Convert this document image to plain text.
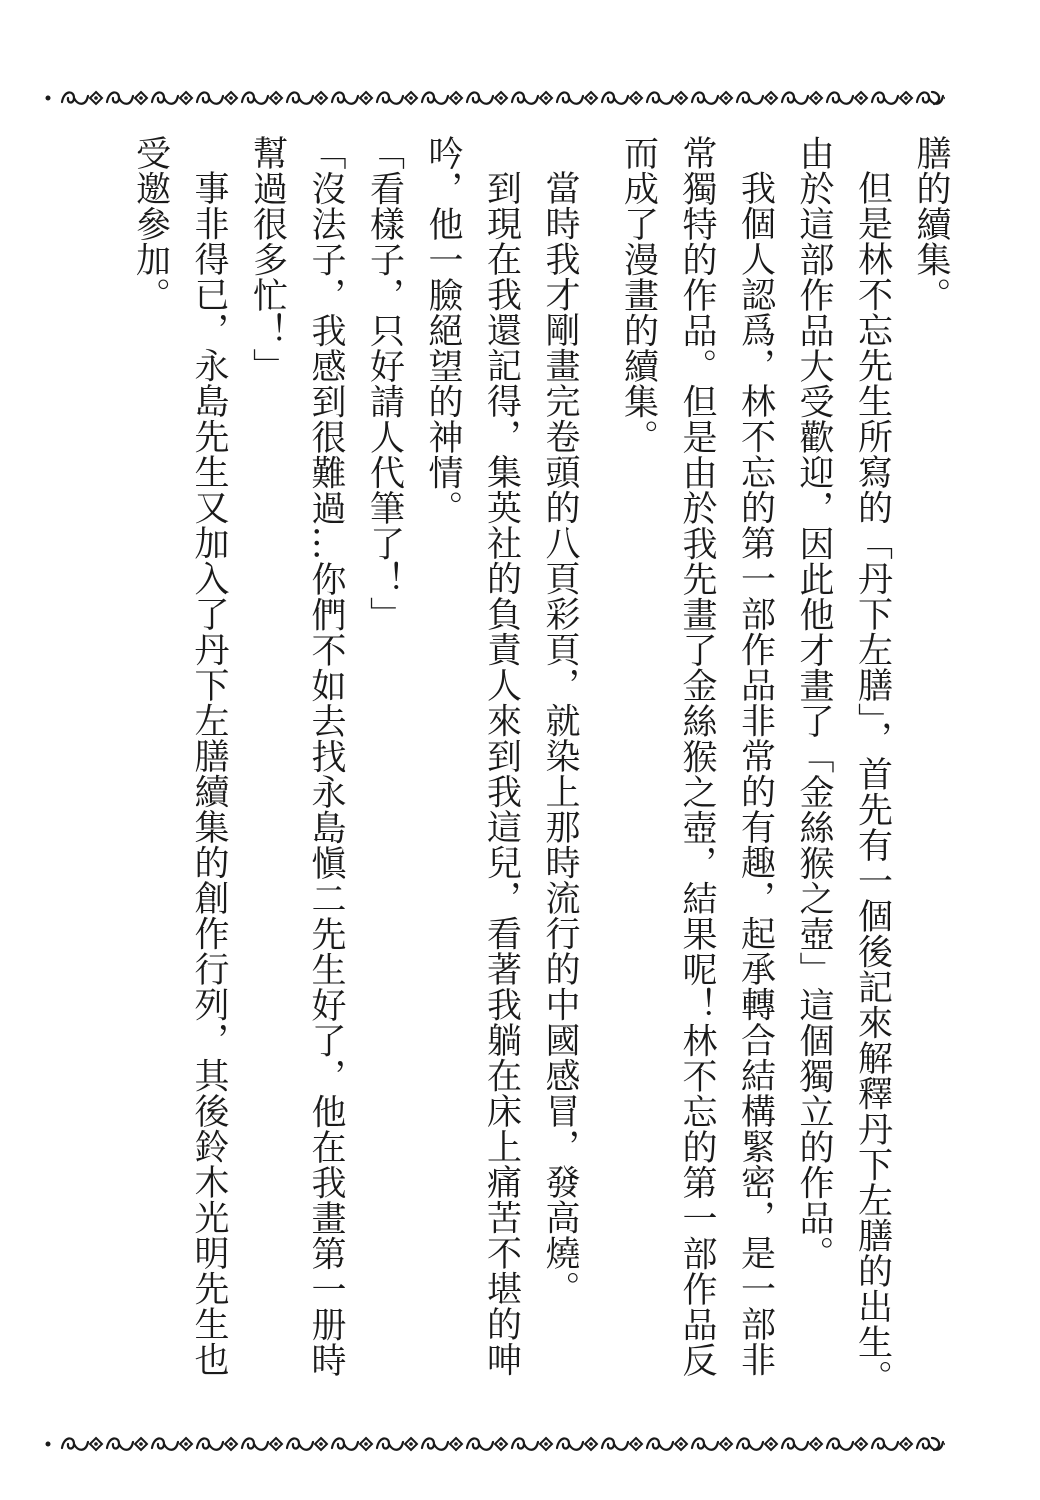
膳的續集。

但是林不忘先生所寫的「丹下左膳」，首先有一個後記來解釋丹下左膳的出生。由於這部作品大受歡迎，因此他才畫了「金絲猴之壺」這個獨立的作品。

我個人認爲，林不忘的第一部作品非常的有趣，起承轉合結構緊密，是一部非常獨特的作品。但是由於我先畫了金絲猴之壺，結果呢！林不忘的第一部作品反而成了漫畫的續集。

當時我才剛畫完卷頭的八頁彩頁，就染上那時流行的中國感冒，發高燒。

到現在我還記得，集英社的負責人來到我這兒，看著我躺在床上痛苦不堪的呻吟，他一臉絕望的神情。

「看樣子，只好請人代筆了！」

「沒法子，我感到很難過…你們不如去找永島愼二先生好了，他在我畫第一册時幫過很多忙！」

事非得已，永島先生又加入了丹下左膳續集的創作行列，其後鈴木光明先生也受邀參加。
